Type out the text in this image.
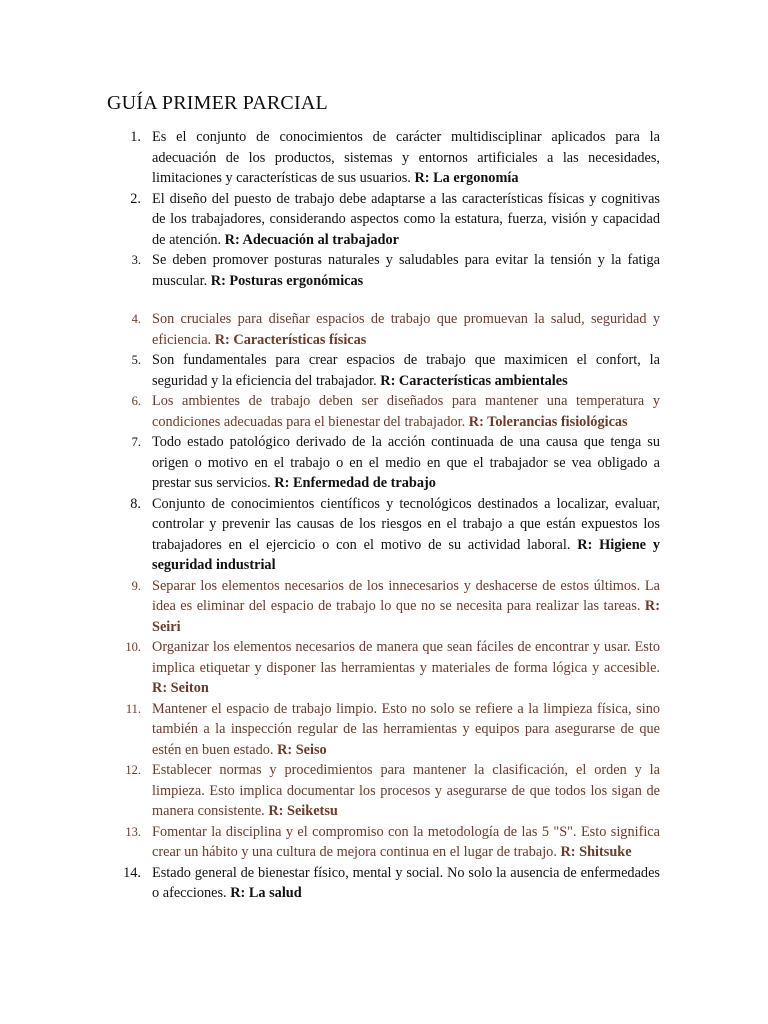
GUÍA PRIMER PARCIAL
1. Es el conjunto de conocimientos de carácter multidisciplinar aplicados para la adecuación de los productos, sistemas y entornos artificiales a las necesidades, limitaciones y características de sus usuarios. R: La ergonomía
2. El diseño del puesto de trabajo debe adaptarse a las características físicas y cognitivas de los trabajadores, considerando aspectos como la estatura, fuerza, visión y capacidad de atención. R: Adecuación al trabajador
3. Se deben promover posturas naturales y saludables para evitar la tensión y la fatiga muscular. R: Posturas ergonómicas
4. Son cruciales para diseñar espacios de trabajo que promuevan la salud, seguridad y eficiencia. R: Características físicas
5. Son fundamentales para crear espacios de trabajo que maximicen el confort, la seguridad y la eficiencia del trabajador. R: Características ambientales
6. Los ambientes de trabajo deben ser diseñados para mantener una temperatura y condiciones adecuadas para el bienestar del trabajador. R: Tolerancias fisiológicas
7. Todo estado patológico derivado de la acción continuada de una causa que tenga su origen o motivo en el trabajo o en el medio en que el trabajador se vea obligado a prestar sus servicios. R: Enfermedad de trabajo
8. Conjunto de conocimientos científicos y tecnológicos destinados a localizar, evaluar, controlar y prevenir las causas de los riesgos en el trabajo a que están expuestos los trabajadores en el ejercicio o con el motivo de su actividad laboral. R: Higiene y seguridad industrial
9. Separar los elementos necesarios de los innecesarios y deshacerse de estos últimos. La idea es eliminar del espacio de trabajo lo que no se necesita para realizar las tareas. R: Seiri
10. Organizar los elementos necesarios de manera que sean fáciles de encontrar y usar. Esto implica etiquetar y disponer las herramientas y materiales de forma lógica y accesible. R: Seiton
11. Mantener el espacio de trabajo limpio. Esto no solo se refiere a la limpieza física, sino también a la inspección regular de las herramientas y equipos para asegurarse de que estén en buen estado. R: Seiso
12. Establecer normas y procedimientos para mantener la clasificación, el orden y la limpieza. Esto implica documentar los procesos y asegurarse de que todos los sigan de manera consistente. R: Seiketsu
13. Fomentar la disciplina y el compromiso con la metodología de las 5 "S". Esto significa crear un hábito y una cultura de mejora continua en el lugar de trabajo. R: Shitsuke
14. Estado general de bienestar físico, mental y social. No solo la ausencia de enfermedades o afecciones. R: La salud
